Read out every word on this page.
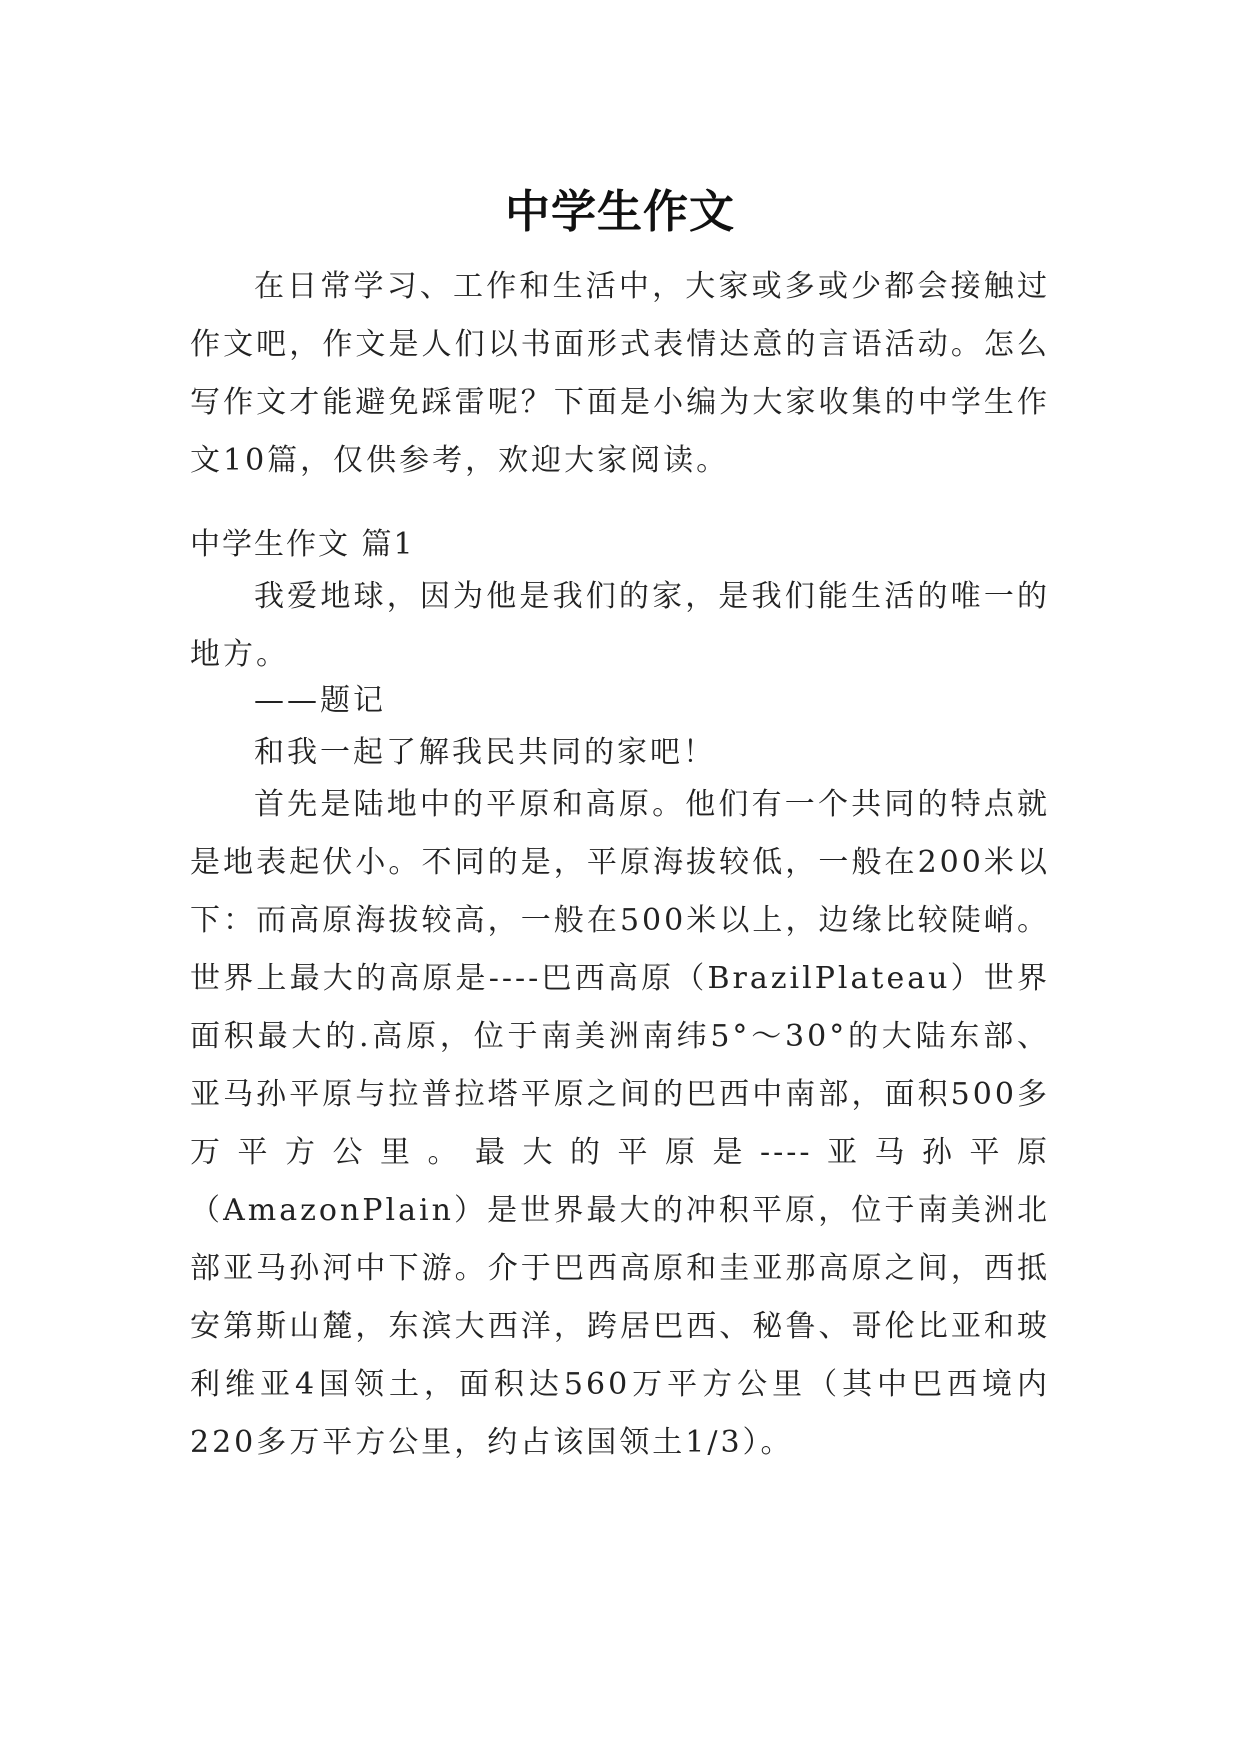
中学生作文

在日常学习、工作和生活中，大家或多或少都会接触过作文吧，作文是人们以书面形式表情达意的言语活动。怎么写作文才能避免踩雷呢？下面是小编为大家收集的中学生作文10篇，仅供参考，欢迎大家阅读。

中学生作文 篇1

我爱地球，因为他是我们的家，是我们能生活的唯一的地方。

——题记

和我一起了解我民共同的家吧！

首先是陆地中的平原和高原。他们有一个共同的特点就是地表起伏小。不同的是，平原海拔较低，一般在200米以下：而高原海拔较高，一般在500米以上，边缘比较陡峭。世界上最大的高原是----巴西高原（BrazilPlateau）世界面积最大的.高原，位于南美洲南纬5°～30°的大陆东部、亚马孙平原与拉普拉塔平原之间的巴西中南部，面积500多万平方公里。最大的平原是----亚马孙平原（AmazonPlain）是世界最大的冲积平原，位于南美洲北部亚马孙河中下游。介于巴西高原和圭亚那高原之间，西抵安第斯山麓，东滨大西洋，跨居巴西、秘鲁、哥伦比亚和玻利维亚4国领土，面积达560万平方公里（其中巴西境内220多万平方公里，约占该国领土1/3）。
